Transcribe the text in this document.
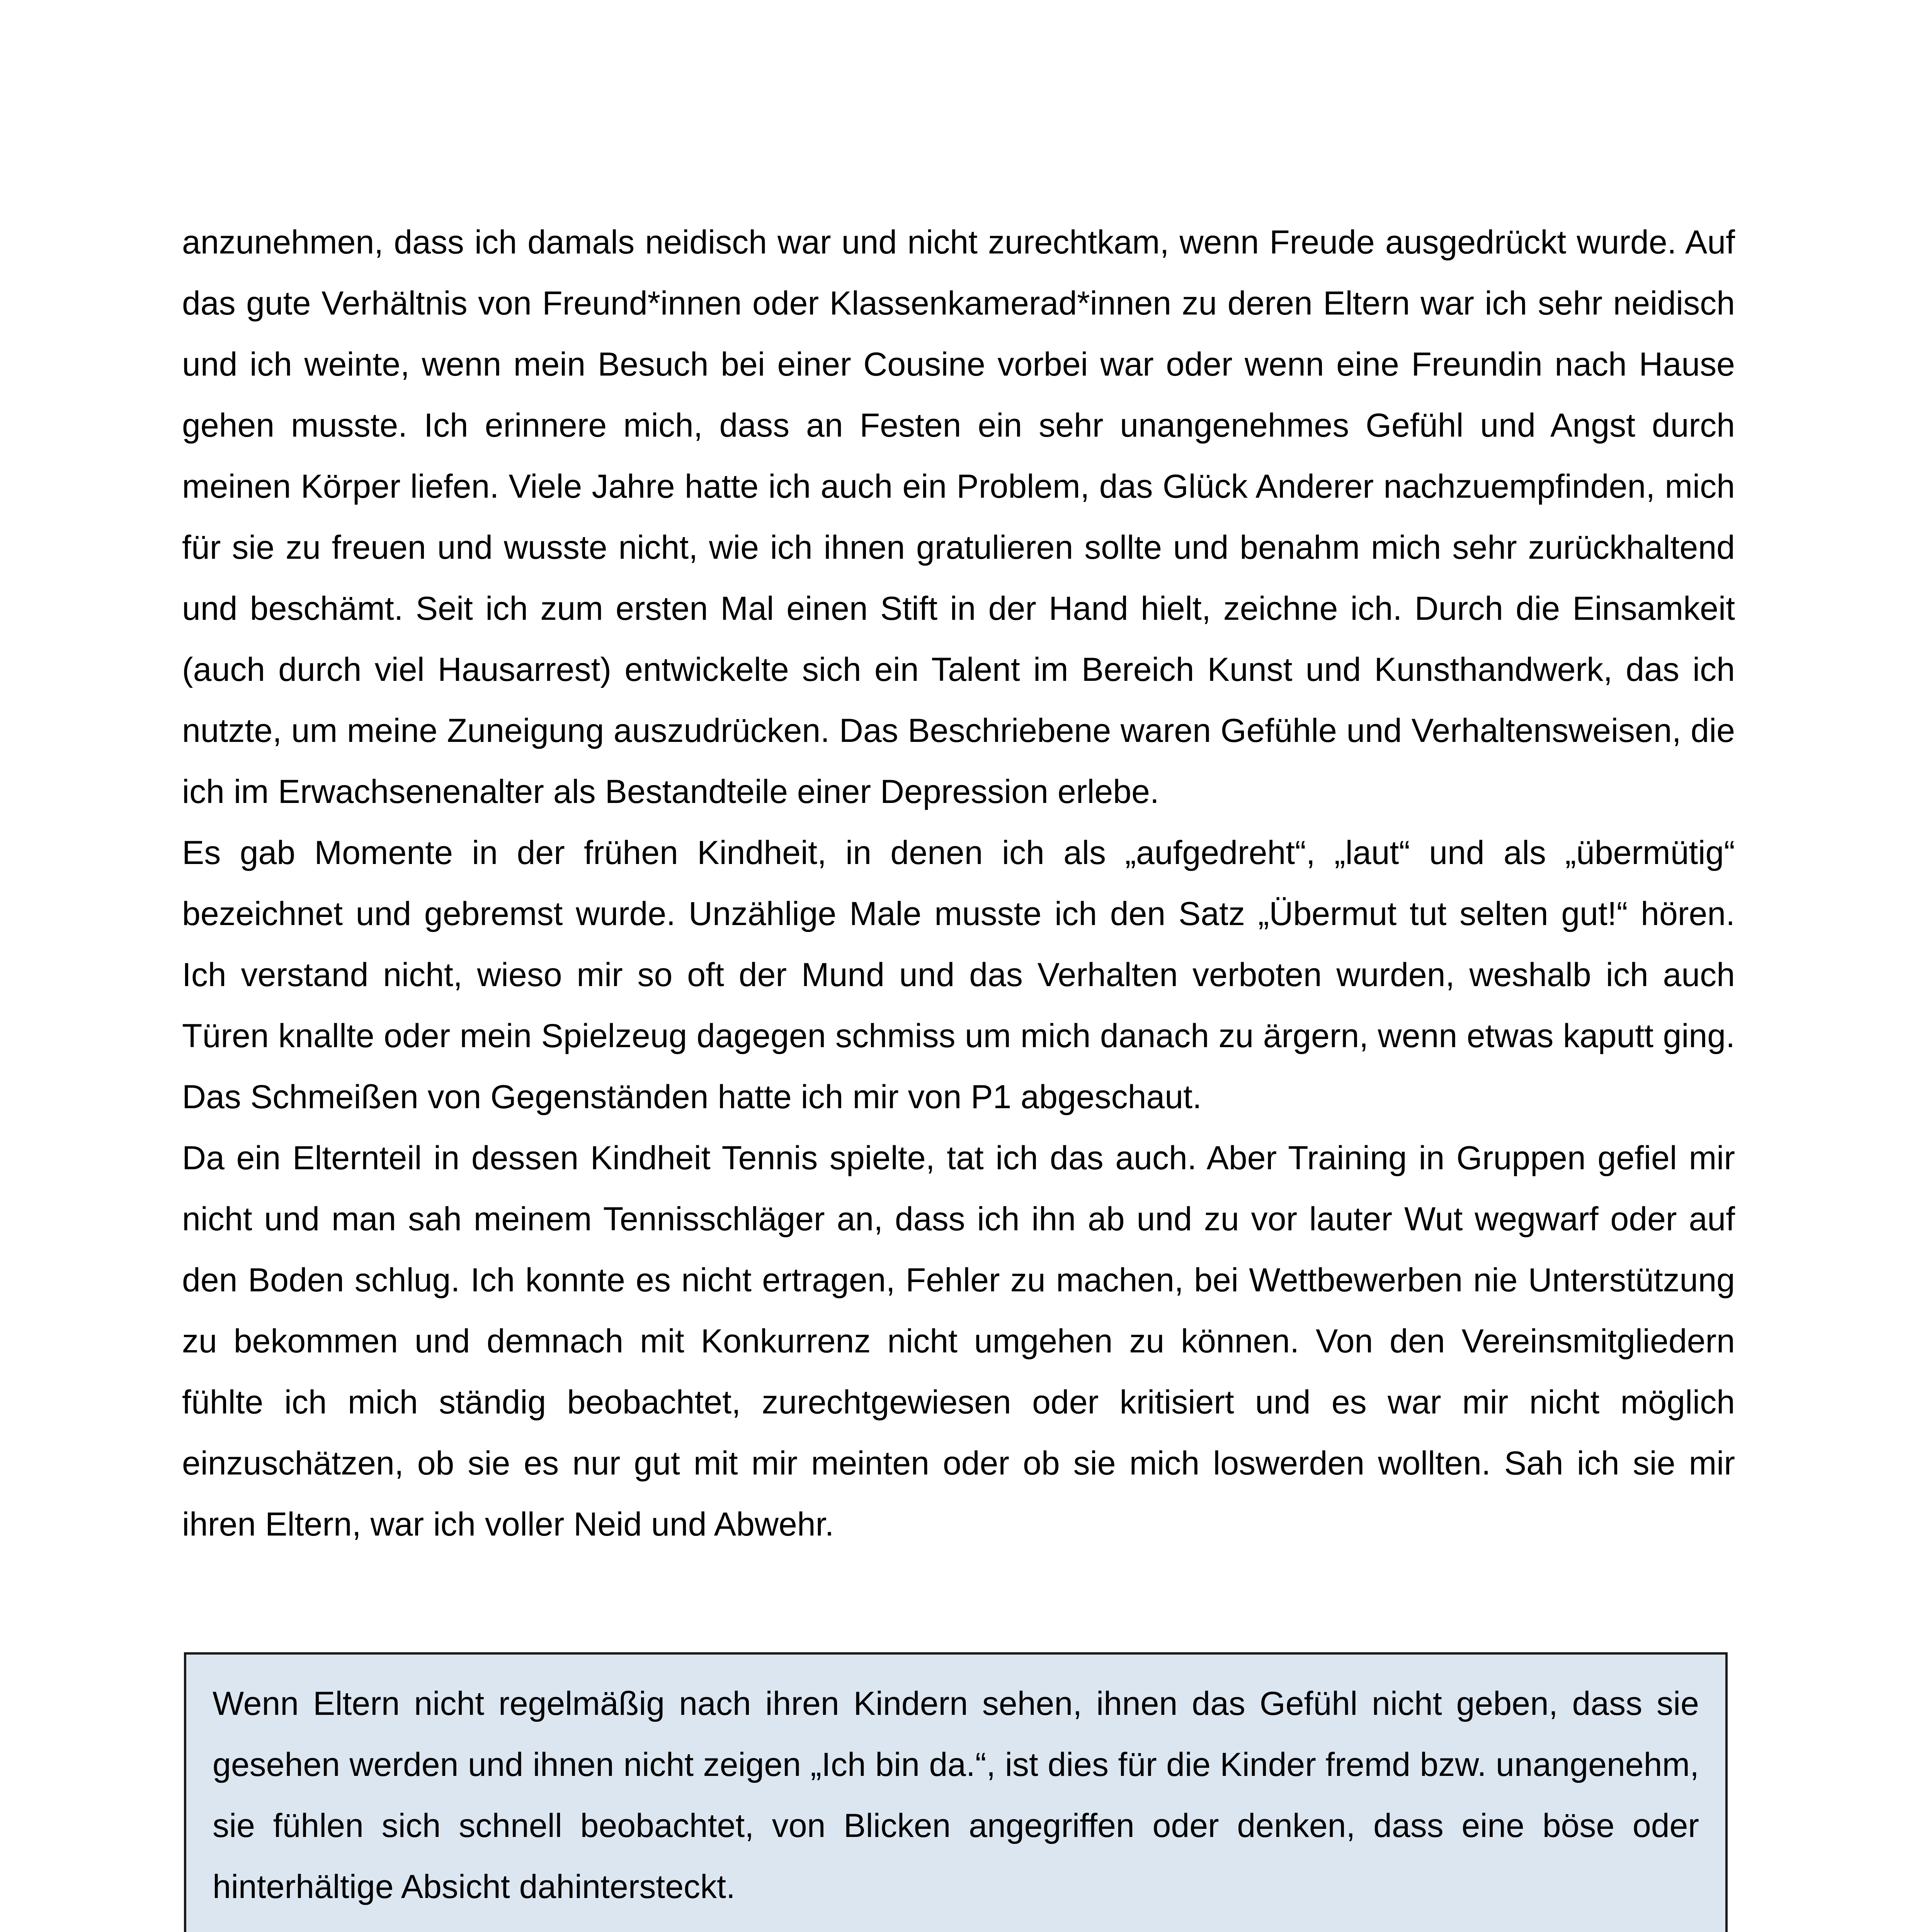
anzunehmen, dass ich damals neidisch war und nicht zurechtkam, wenn Freude ausgedrückt wurde. Auf das gute Verhältnis von Freund*innen oder Klassenkamerad*innen zu deren Eltern war ich sehr neidisch und ich weinte, wenn mein Besuch bei einer Cousine vorbei war oder wenn eine Freundin nach Hause gehen musste. Ich erinnere mich, dass an Festen ein sehr unangenehmes Gefühl und Angst durch meinen Körper liefen. Viele Jahre hatte ich auch ein Problem, das Glück Anderer nachzuempfinden, mich für sie zu freuen und wusste nicht, wie ich ihnen gratulieren sollte und benahm mich sehr zurückhaltend und beschämt. Seit ich zum ersten Mal einen Stift in der Hand hielt, zeichne ich. Durch die Einsamkeit (auch durch viel Hausarrest) entwickelte sich ein Talent im Bereich Kunst und Kunsthandwerk, das ich nutzte, um meine Zuneigung auszudrücken. Das Beschriebene waren Gefühle und Verhaltensweisen, die ich im Erwachsenenalter als Bestandteile einer Depression erlebe.

Es gab Momente in der frühen Kindheit, in denen ich als „aufgedreht“, „laut“ und als „übermütig“ bezeichnet und gebremst wurde. Unzählige Male musste ich den Satz „Übermut tut selten gut!“ hören. Ich verstand nicht, wieso mir so oft der Mund und das Verhalten verboten wurden, weshalb ich auch Türen knallte oder mein Spielzeug dagegen schmiss um mich danach zu ärgern, wenn etwas kaputt ging. Das Schmeißen von Gegenständen hatte ich mir von P1 abgeschaut.

Da ein Elternteil in dessen Kindheit Tennis spielte, tat ich das auch. Aber Training in Gruppen gefiel mir nicht und man sah meinem Tennisschläger an, dass ich ihn ab und zu vor lauter Wut wegwarf oder auf den Boden schlug. Ich konnte es nicht ertragen, Fehler zu machen, bei Wettbewerben nie Unterstützung zu bekommen und demnach mit Konkurrenz nicht umgehen zu können. Von den Vereinsmitgliedern fühlte ich mich ständig beobachtet, zurechtgewiesen oder kritisiert und es war mir nicht möglich einzuschätzen, ob sie es nur gut mit mir meinten oder ob sie mich loswerden wollten. Sah ich sie mir ihren Eltern, war ich voller Neid und Abwehr.

Wenn Eltern nicht regelmäßig nach ihren Kindern sehen, ihnen das Gefühl nicht geben, dass sie gesehen werden und ihnen nicht zeigen „Ich bin da.“, ist dies für die Kinder fremd bzw. unangenehm, sie fühlen sich schnell beobachtet, von Blicken angegriffen oder denken, dass eine böse oder hinterhältige Absicht dahintersteckt.
